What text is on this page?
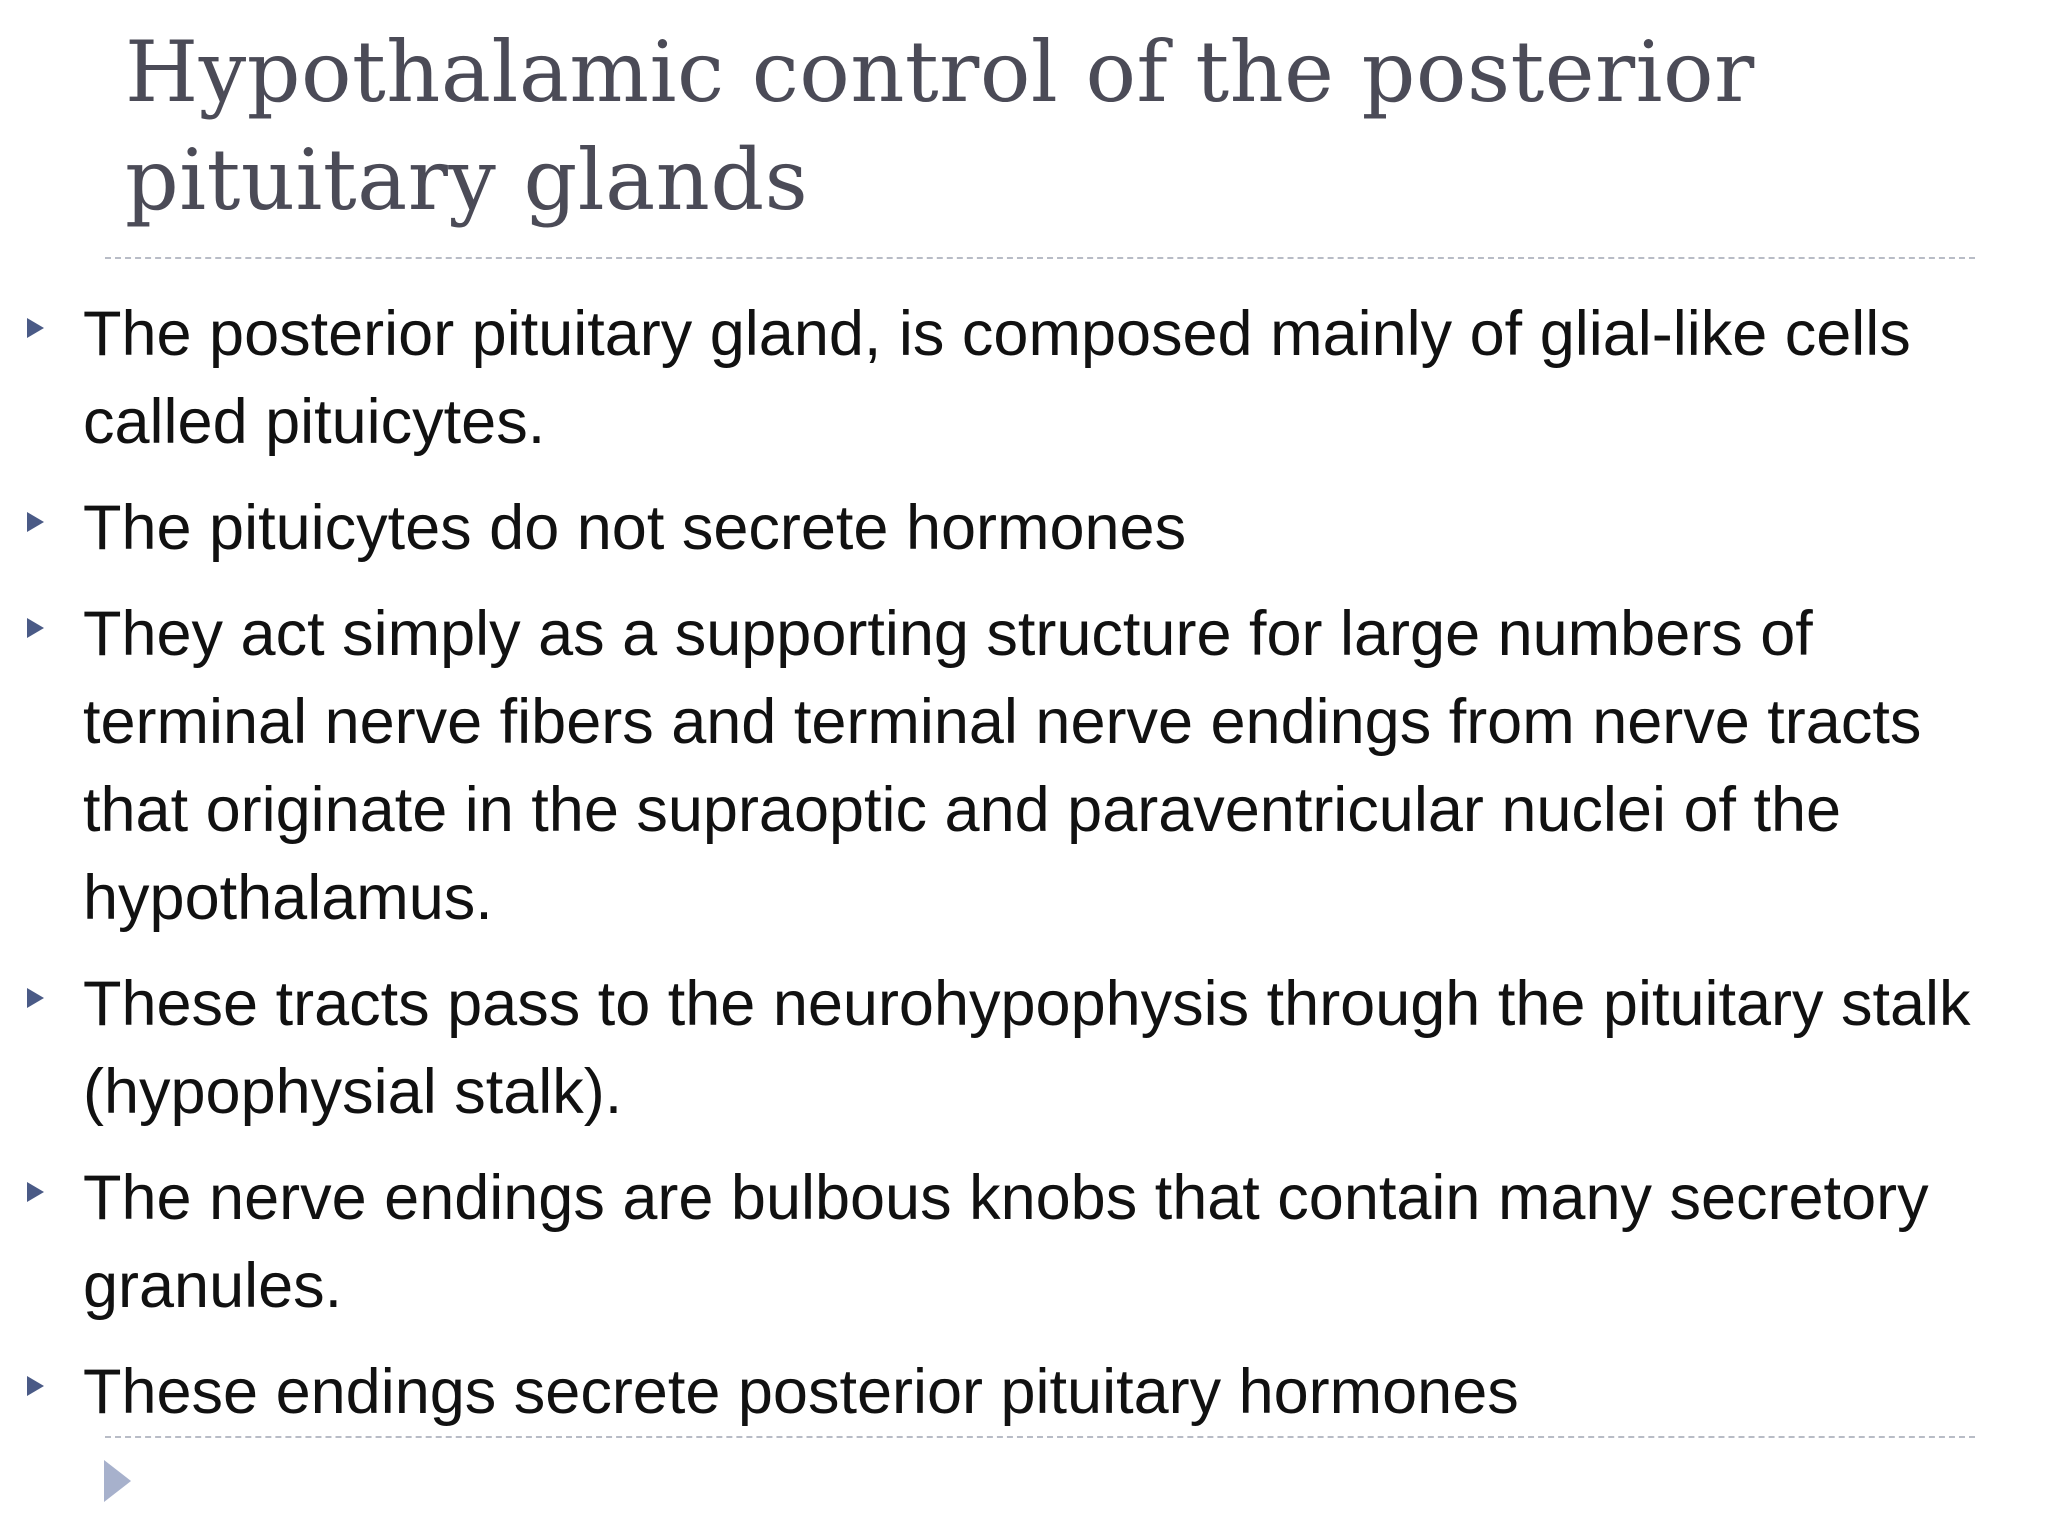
Hypothalamic control of the posterior pituitary glands
The posterior pituitary gland, is composed mainly of glial-like cells called pituicytes.
The pituicytes do not secrete hormones
They act simply as a supporting structure for large numbers of terminal nerve fibers and terminal nerve endings from nerve tracts that originate in the supraoptic and paraventricular nuclei of the hypothalamus.
These tracts pass to the neurohypophysis through the pituitary stalk (hypophysial stalk).
The nerve endings are bulbous knobs that contain many secretory granules.
These endings secrete posterior pituitary hormones
